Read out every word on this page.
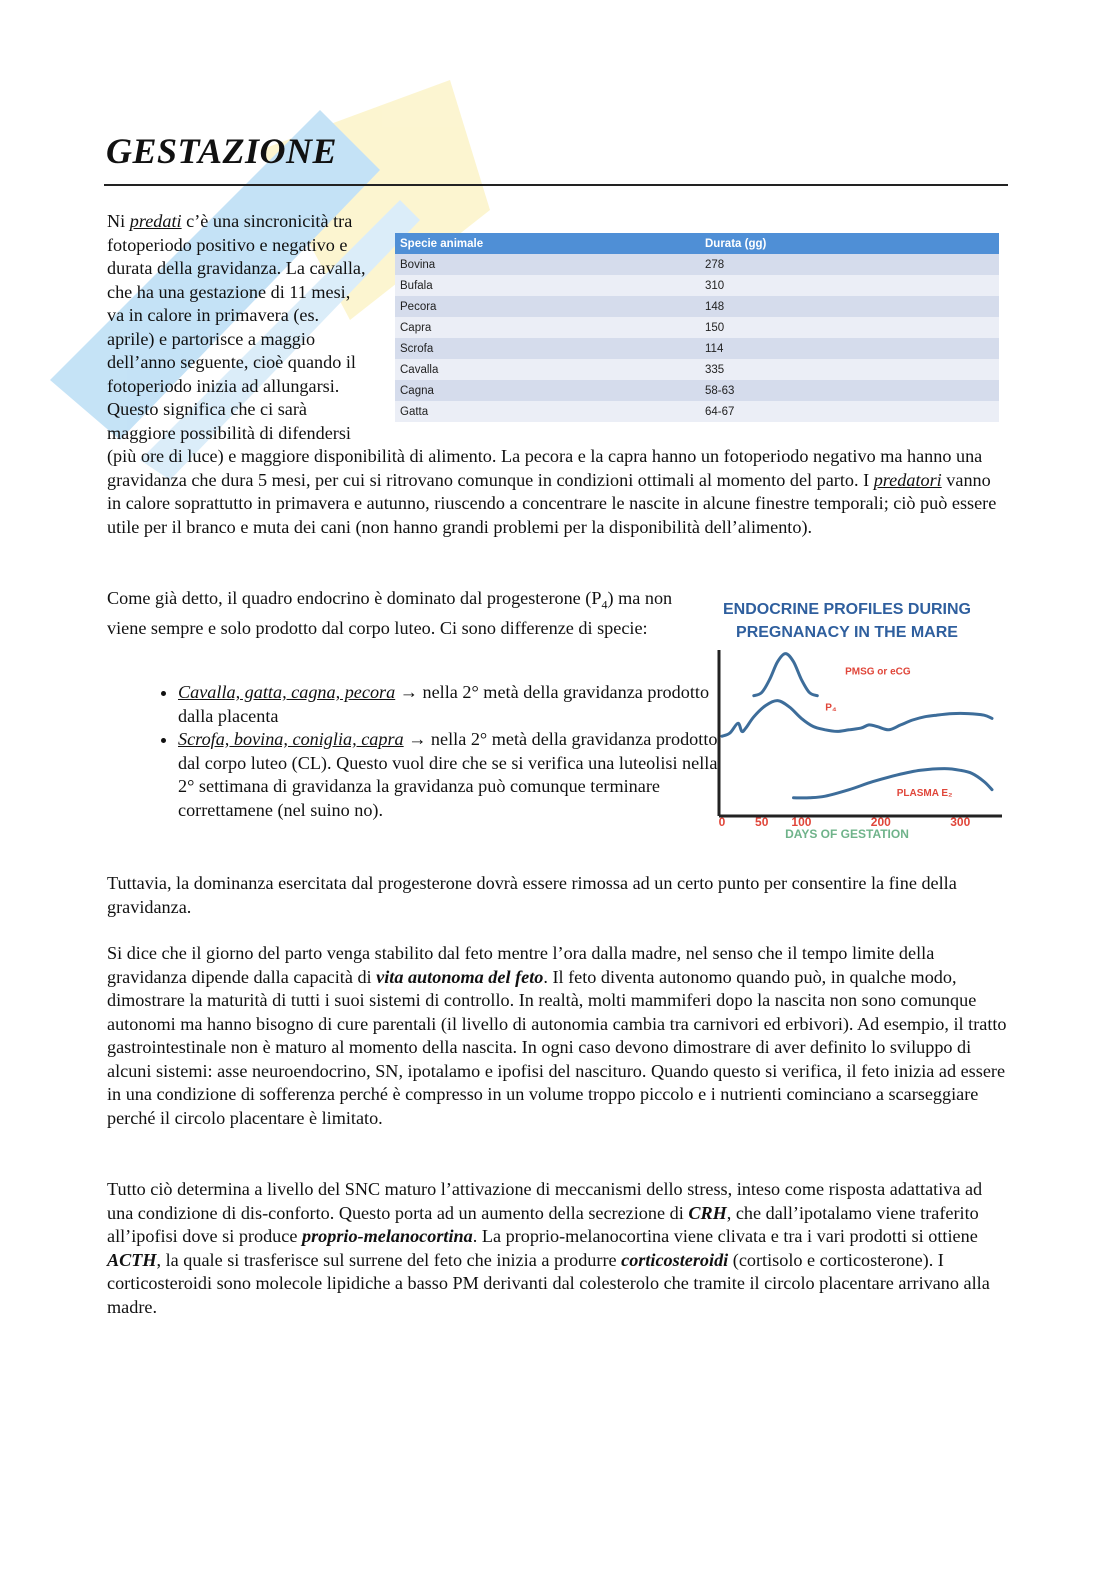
GESTAZIONE

Ni predati c’è una sincronicità tra fotoperiodo positivo e negativo e durata della gravidanza. La cavalla, che ha una gestazione di 11 mesi, va in calore in primavera (es. aprile) e partorisce a maggio dell’anno seguente, cioè quando il fotoperiodo inizia ad allungarsi. Questo significa che ci sarà maggiore possibilità di difendersi (più ore di luce) e maggiore disponibilità di alimento. La pecora e la capra hanno un fotoperiodo negativo ma hanno una gravidanza che dura 5 mesi, per cui si ritrovano comunque in condizioni ottimali al momento del parto. I predatori vanno in calore soprattutto in primavera e autunno, riuscendo a concentrare le nascite in alcune finestre temporali; ciò può essere utile per il branco e muta dei cani (non hanno grandi problemi per la disponibilità dell’alimento).

Specie animale	Durata (gg)
Bovina	278
Bufala	310
Pecora	148
Capra	150
Scrofa	114
Cavalla	335
Cagna	58-63
Gatta	64-67

Come già detto, il quadro endocrino è dominato dal progesterone $(P_4)$ ma non viene sempre e solo prodotto dal corpo luteo. Ci sono differenze di specie:

• Cavalla, gatta, cagna, pecora → nella 2° metà della gravidanza prodotto dalla placenta
• Scrofa, bovina, coniglia, capra → nella 2° metà della gravidanza prodotto dal corpo luteo (CL). Questo vuol dire che se si verifica una luteolisi nella 2° settimana di gravidanza la gravidanza può comunque terminare correttamene (nel suino no).
ENDOCRINE PROFILES DURING
PREGNANACY IN THE MARE
PMSG or eCG
P₄
PLASMA E₂
0 50 100	200	300
DAYS OF GESTATION

Tuttavia, la dominanza esercitata dal progesterone dovrà essere rimossa ad un certo punto per consentire la fine della gravidanza.

Si dice che il giorno del parto venga stabilito dal feto mentre l’ora dalla madre, nel senso che il tempo limite della gravidanza dipende dalla capacità di vita autonoma del feto. Il feto diventa autonomo quando può, in qualche modo, dimostrare la maturità di tutti i suoi sistemi di controllo. In realtà, molti mammiferi dopo la nascita non sono comunque autonomi ma hanno bisogno di cure parentali (il livello di autonomia cambia tra carnivori ed erbivori). Ad esempio, il tratto gastrointestinale non è maturo al momento della nascita. In ogni caso devono dimostrare di aver definito lo sviluppo di alcuni sistemi: asse neuroendocrino, SN, ipotalamo e ipofisi del nascituro. Quando questo si verifica, il feto inizia ad essere in una condizione di sofferenza perché è compresso in un volume troppo piccolo e i nutrienti cominciano a scarseggiare perché il circolo placentare è limitato.

Tutto ciò determina a livello del SNC maturo l’attivazione di meccanismi dello stress, inteso come risposta adattativa ad una condizione di dis-conforto. Questo porta ad un aumento della secrezione di CRH, che dall’ipotalamo viene traferito all’ipofisi dove si produce proprio-melanocortina. La proprio-melanocortina viene clivata e tra i vari prodotti si ottiene ACTH, la quale si trasferisce sul surrene del feto che inizia a produrre corticosteroidi (cortisolo e corticosterone). I corticosteroidi sono molecole lipidiche a basso PM derivanti dal colesterolo che tramite il circolo placentare arrivano alla madre.
